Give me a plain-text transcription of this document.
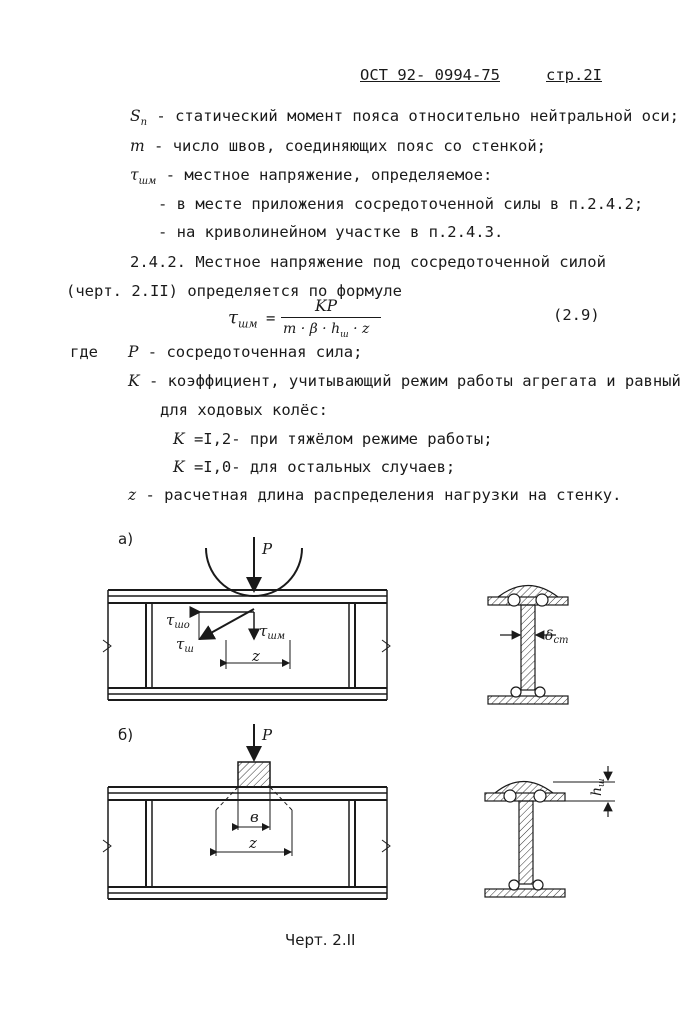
ОСТ 92- 0994-75	стр.2I
$S_п$ - статический момент пояса относительно нейтральной оси;
m - число швов, соединяющих пояс со стенкой;
$\tau_{шм}$ - местное напряжение, определяемое:
- в месте приложения сосредоточенной силы в п.2.4.2;
- на криволинейном участке в п.2.4.3.
2.4.2. Местное напряжение под сосредоточенной силой
(черт. 2.II) определяется по формуле
$\tau_{шм}$ =
KP
$m \cdot \beta \cdot h_ш \cdot z$
(2.9)
где P - сосредоточенная сила;
K - коэффициент, учитывающий режим работы агрегата и равный
для ходовых колёс:
K =I,2- при тяжёлом режиме работы;
K =I,0- для остальных случаев;
z - расчетная длина распределения нагрузки на стенку.
а)
P
$\tau_{шо}$
$\tau_ш$
$\tau_{шм}$
z
$\delta_{ст}$
б)	P
в
z
$h_ш$
Черт. 2.II
